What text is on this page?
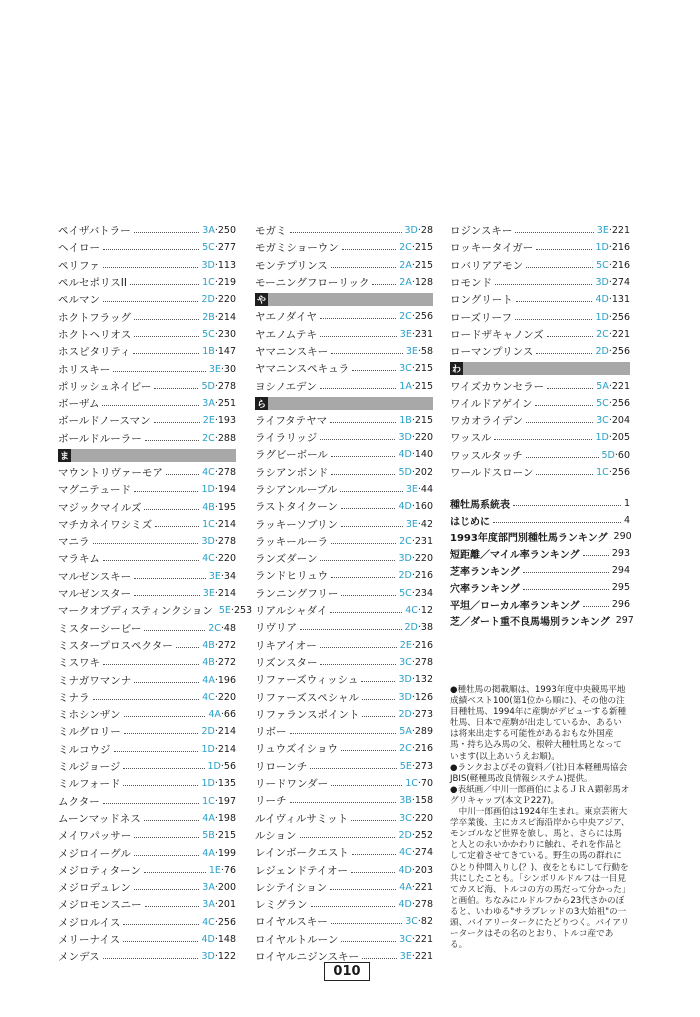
ペイザバトラー	3A · 250
ヘイロー	5C · 277
ペリファ	3D · 113
ペルセポリスII	1C · 219
ペルマン	2D · 220
ホクトフラッグ	2B · 214
ホクトヘリオス	5C · 230
ホスピタリティ	1B · 147
ホリスキー	3E · 30
ポリッシュネイビー	5D · 278
ボーザム	3A · 251
ボールドノースマン	2E · 193
ボールドルーラー	2C · 288
ま
マウントリヴァーモア	4C · 278
マグニテュード	1D · 194
マジックマイルズ	4B · 195
マチカネイワシミズ	1C · 214
マニラ	3D · 278
マラキム	4C · 220
マルゼンスキー	3E · 34
マルゼンスター	3E · 214
マークオブディスティンクション 5E · 253
ミスターシービー	2C · 48
ミスタープロスペクター	4B · 272
ミスワキ	4B · 272
ミナガワマンナ	4A · 196
ミナラ	4C · 220
ミホシンザン	4A · 66
ミルグロリー	2D · 214
ミルコウジ	1D · 214
ミルジョージ	1D · 56
ミルフォード	1D · 135
ムクター	1C · 197
ムーンマッドネス	4A · 198
メイワパッサー	5B · 215
メジロイーグル	4A · 199
メジロティターン	1E · 76
メジロデュレン	3A · 200
メジロモンスニー	3A · 201
メジロルイス	4C · 256
メリーナイス	4D · 148
メンデス	3D · 122
モガミ	3D · 28
モガミショーウン	2C · 215
モンテプリンス	2A · 215
モーニングフローリック	2A · 128
や
ヤエノダイヤ	2C · 256
ヤエノムテキ	3E · 231
ヤマニンスキー	3E · 58
ヤマニンスペキュラ	3C · 215
ヨシノエデン	1A · 215
ら
ライフタテヤマ	1B · 215
ライラリッジ	3D · 220
ラグビーボール	4D · 140
ラシアンボンド	5D · 202
ラシアンルーブル	3E · 44
ラストタイクーン	4D · 160
ラッキーソブリン	3E · 42
ラッキールーラ	2C · 231
ランズダーン	3D · 220
ランドヒリュウ	2D · 216
ランニングフリー	5C · 234
リアルシャダイ	4C · 12
リヴリア	2D · 38
リキアイオー	2E · 216
リズンスター	3C · 278
リファーズウィッシュ	3D · 132
リファーズスペシャル	3D · 126
リファランスポイント	2D · 273
リボー	5A · 289
リュウズイショウ	2C · 216
リローンチ	5E · 273
リードワンダー	1C · 70
リーチ	3B · 158
ルイヴィルサミット	3C · 220
ルション	2D · 252
レインボークエスト	4C · 274
レジェンドテイオー	4D · 203
レシテイション	4A · 221
レミグラン	4D · 278
ロイヤルスキー	3C · 82
ロイヤルトルーン	3C · 221
ロイヤルニジンスキー	3E · 221
ロジンスキー	3E · 221
ロッキータイガー	1D · 216
ロバリアアモン	5C · 216
ロモンド	3D · 274
ロングリート	4D · 131
ローズリーフ	1D · 256
ロードザキャノンズ	2C · 221
ローマンプリンス	2D · 256
わ
ワイズカウンセラー	5A · 221
ワイルドアゲイン	5C · 256
ワカオライデン	3C · 204
ワッスル	1D · 205
ワッスルタッチ	5D · 60
ワールドスローン	1C · 256
種牡馬系統表	1
はじめに	4
1993年度部門別種牡馬ランキング 290
短距離／マイル率ランキング	293
芝率ランキング	294
穴率ランキング	295
平坦／ローカル率ランキング	296
芝／ダート重不良馬場別ランキング 297

●種牡馬の掲載順は、1993年度中央競馬平地成績ベスト100(第1位から順に)、その他の注目種牡馬、1994年に産駒がデビューする新種牡馬、日本で産駒が出走しているか、あるいは将来出走する可能性があるおもな外国産馬・持ち込み馬の父、根幹大種牡馬となっています(以上あいうえお順)。

●ランクおよびその資料／(社)日本軽種馬協会JBIS(軽種馬改良情報システム)提供。

●表紙画／中川一郎画伯によるＪＲＡ顕彰馬オグリキャップ(本文Ｐ227)。

中川一郎画伯は1924年生まれ。東京芸術大学卒業後、主にカスピ海沿岸から中央アジア、モンゴルなど世界を旅し、馬と、さらには馬と人との永いかかわりに触れ、それを作品として定着させてきている。野生の馬の群れにひとり仲間入りし(？)、夜をともにして行動を共にしたことも。「シンボリルドルフは一目見てカスピ海、トルコの方の馬だって分かった」と画伯。ちなみにルドルフから23代さかのぼると、いわゆる"サラブレッドの3大始祖"の一頭、バイアリータークにたどりつく。バイアリータークはその名のとおり、トルコ産である。

010
